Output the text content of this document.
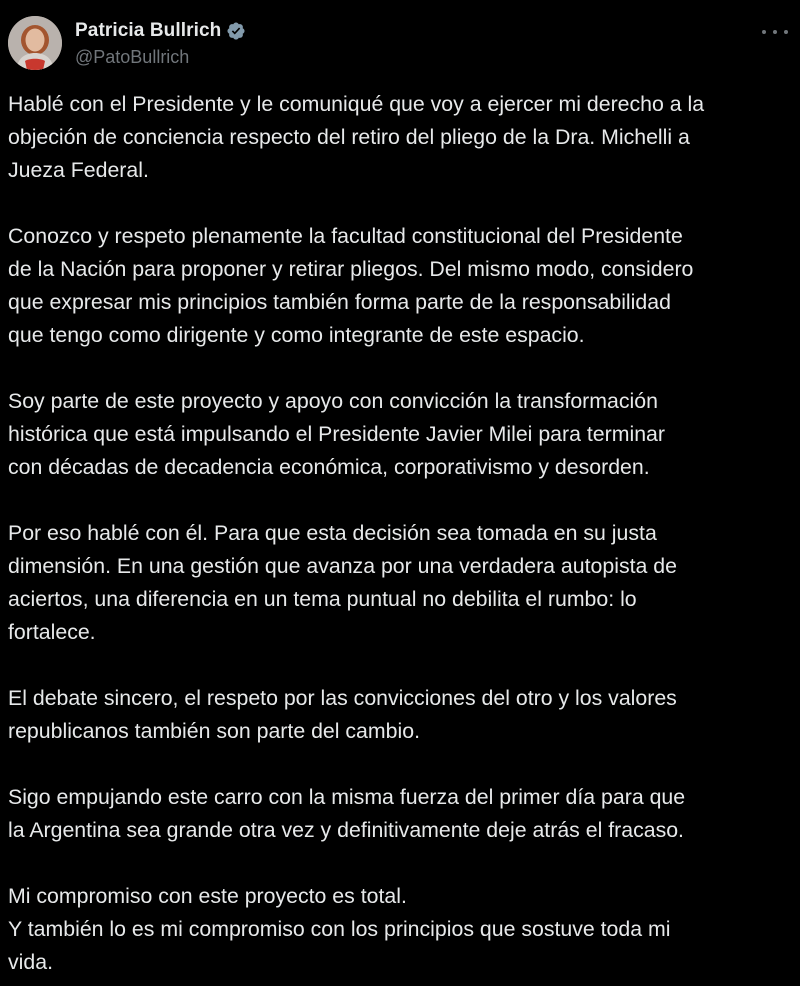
Patricia Bullrich
@PatoBullrich

Hablé con el Presidente y le comuniqué que voy a ejercer mi derecho a la
objeción de conciencia respecto del retiro del pliego de la Dra. Michelli a
Jueza Federal.

Conozco y respeto plenamente la facultad constitucional del Presidente
de la Nación para proponer y retirar pliegos. Del mismo modo, considero
que expresar mis principios también forma parte de la responsabilidad
que tengo como dirigente y como integrante de este espacio.

Soy parte de este proyecto y apoyo con convicción la transformación
histórica que está impulsando el Presidente Javier Milei para terminar
con décadas de decadencia económica, corporativismo y desorden.

Por eso hablé con él. Para que esta decisión sea tomada en su justa
dimensión. En una gestión que avanza por una verdadera autopista de
aciertos, una diferencia en un tema puntual no debilita el rumbo: lo
fortalece.

El debate sincero, el respeto por las convicciones del otro y los valores
republicanos también son parte del cambio.

Sigo empujando este carro con la misma fuerza del primer día para que
la Argentina sea grande otra vez y definitivamente deje atrás el fracaso.

Mi compromiso con este proyecto es total.
Y también lo es mi compromiso con los principios que sostuve toda mi
vida.
